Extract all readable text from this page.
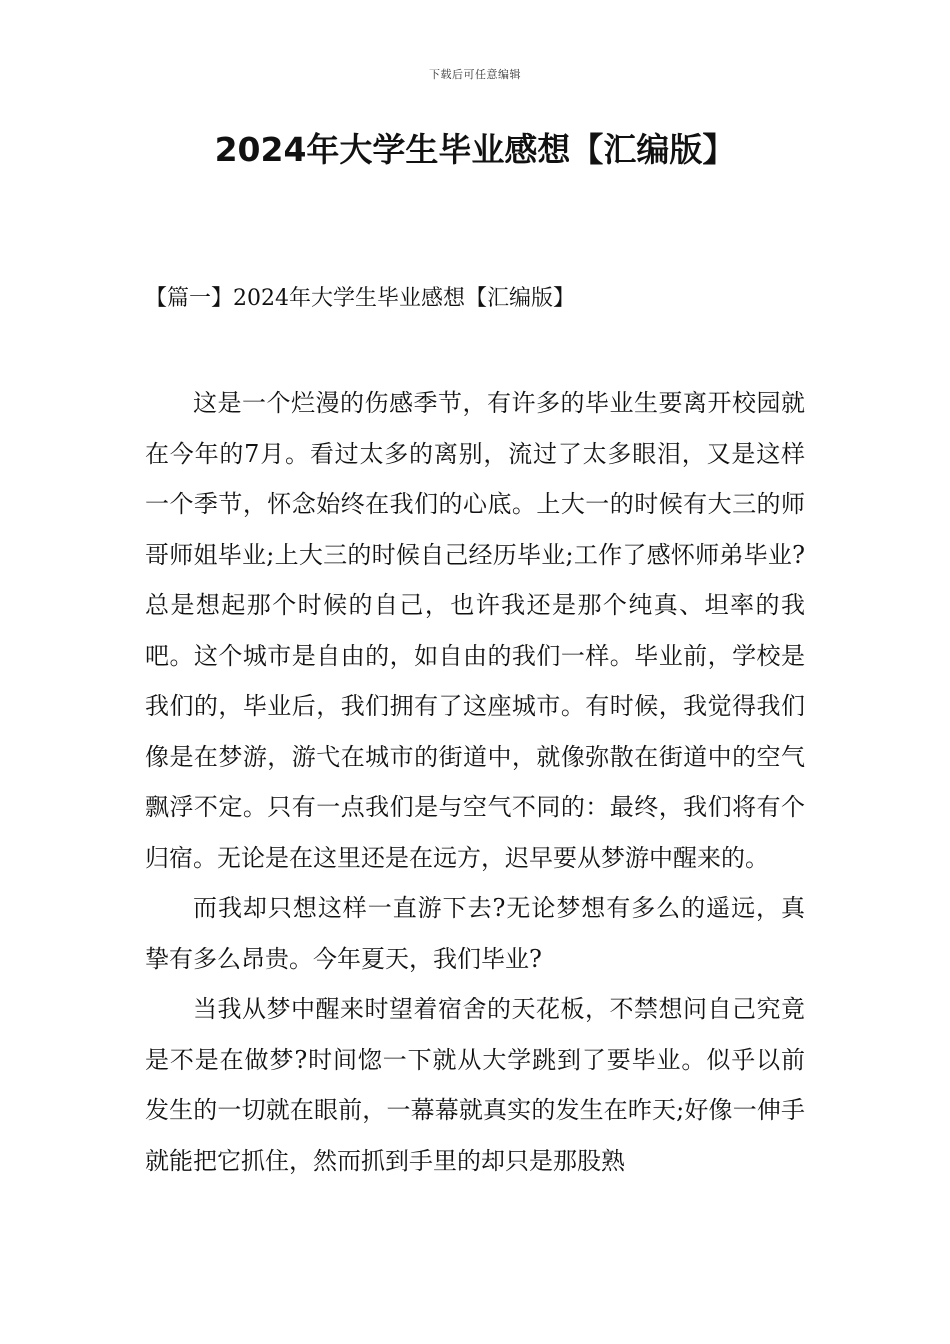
下载后可任意编辑
2024年大学生毕业感想【汇编版】
【篇一】2024年大学生毕业感想【汇编版】

这是一个烂漫的伤感季节，有许多的毕业生要离开校园就在今年的7月。看过太多的离别，流过了太多眼泪，又是这样一个季节，怀念始终在我们的心底。上大一的时候有大三的师哥师姐毕业;上大三的时候自己经历毕业;工作了感怀师弟毕业?总是想起那个时候的自己，也许我还是那个纯真、坦率的我吧。这个城市是自由的，如自由的我们一样。毕业前，学校是我们的，毕业后，我们拥有了这座城市。有时候，我觉得我们像是在梦游，游弋在城市的街道中，就像弥散在街道中的空气飘浮不定。只有一点我们是与空气不同的：最终，我们将有个归宿。无论是在这里还是在远方，迟早要从梦游中醒来的。

而我却只想这样一直游下去?无论梦想有多么的遥远，真挚有多么昂贵。今年夏天，我们毕业?

当我从梦中醒来时望着宿舍的天花板，不禁想问自己究竟是不是在做梦?时间惚一下就从大学跳到了要毕业。似乎以前发生的一切就在眼前，一幕幕就真实的发生在昨天;好像一伸手就能把它抓住，然而抓到手里的却只是那股熟
